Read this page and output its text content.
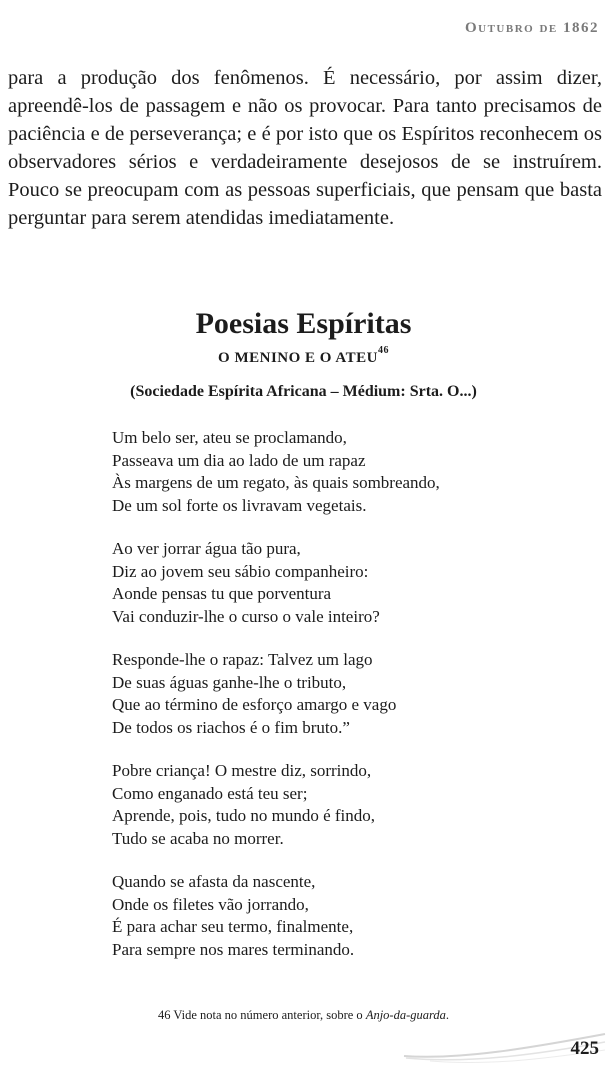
Outubro de 1862

para a produção dos fenômenos. É necessário, por assim dizer, apreendê-los de passagem e não os provocar. Para tanto precisamos de paciência e de perseverança; e é por isto que os Espíritos reconhecem os observadores sérios e verdadeiramente desejosos de se instruírem. Pouco se preocupam com as pessoas superficiais, que pensam que basta perguntar para serem atendidas imediatamente.

Poesias Espíritas
O MENINO E O ATEU$^{46}$
(Sociedade Espírita Africana – Médium: Srta. O...)
Um belo ser, ateu se proclamando,
Passeava um dia ao lado de um rapaz
Às margens de um regato, às quais sombreando,
De um sol forte os livravam vegetais.
Ao ver jorrar água tão pura,
Diz ao jovem seu sábio companheiro:
Aonde pensas tu que porventura
Vai conduzir-lhe o curso o vale inteiro?
Responde-lhe o rapaz: Talvez um lago
De suas águas ganhe-lhe o tributo,
Que ao término de esforço amargo e vago
De todos os riachos é o fim bruto.”
Pobre criança! O mestre diz, sorrindo,
Como enganado está teu ser;
Aprende, pois, tudo no mundo é findo,
Tudo se acaba no morrer.
Quando se afasta da nascente,
Onde os filetes vão jorrando,
É para achar seu termo, finalmente,
Para sempre nos mares terminando.
46 Vide nota no número anterior, sobre o Anjo-da-guarda.
425
